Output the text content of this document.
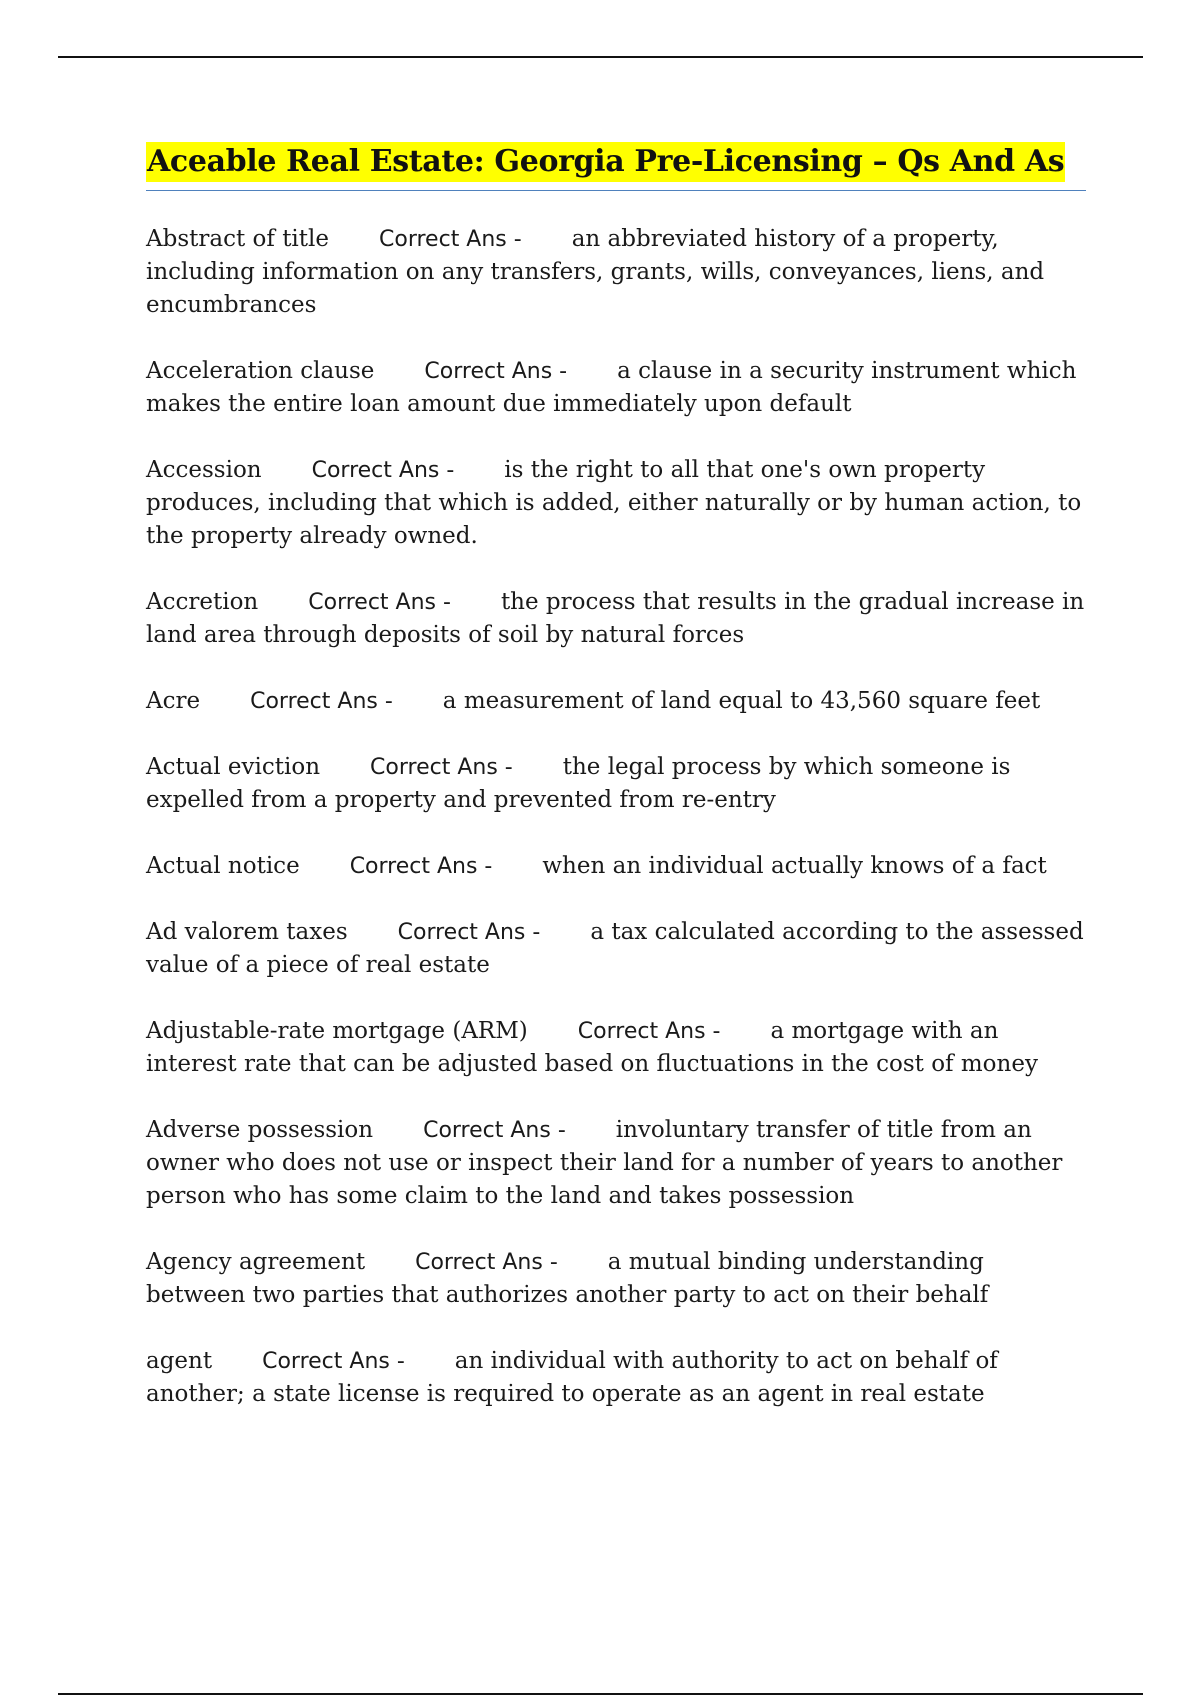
Aceable Real Estate: Georgia Pre-Licensing – Qs And As

Abstract of title Correct Ans - an abbreviated history of a property, including information on any transfers, grants, wills, conveyances, liens, and encumbrances

Acceleration clause Correct Ans - a clause in a security instrument which makes the entire loan amount due immediately upon default

Accession Correct Ans - is the right to all that one's own property produces, including that which is added, either naturally or by human action, to the property already owned.

Accretion Correct Ans - the process that results in the gradual increase in land area through deposits of soil by natural forces

Acre Correct Ans - a measurement of land equal to 43,560 square feet

Actual eviction Correct Ans - the legal process by which someone is expelled from a property and prevented from re-entry

Actual notice Correct Ans - when an individual actually knows of a fact

Ad valorem taxes Correct Ans - a tax calculated according to the assessed value of a piece of real estate

Adjustable-rate mortgage (ARM) Correct Ans - a mortgage with an interest rate that can be adjusted based on fluctuations in the cost of money

Adverse possession Correct Ans - involuntary transfer of title from an owner who does not use or inspect their land for a number of years to another person who has some claim to the land and takes possession

Agency agreement Correct Ans - a mutual binding understanding between two parties that authorizes another party to act on their behalf

agent Correct Ans - an individual with authority to act on behalf of another; a state license is required to operate as an agent in real estate
